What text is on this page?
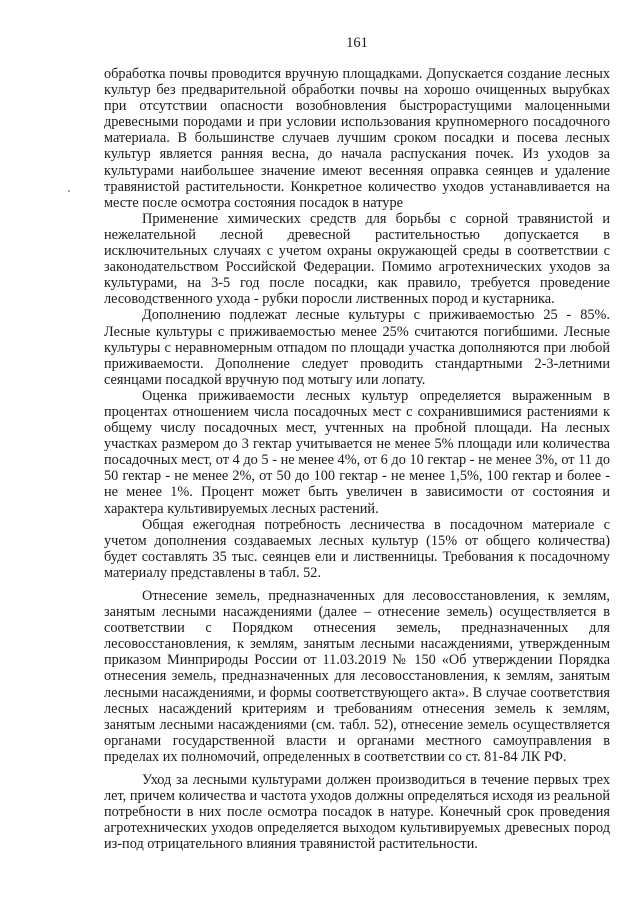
161

обработка почвы проводится вручную площадками. Допускается создание лесных культур без предварительной обработки почвы на хорошо очищенных вырубках при отсутствии опасности возобновления быстрорастущими малоценными древесными породами и при условии использования крупномерного посадочного материала. В большинстве случаев лучшим сроком посадки и посева лесных культур является ранняя весна, до начала распускания почек. Из уходов за культурами наибольшее значение имеют весенняя оправка сеянцев и удаление травянистой растительности. Конкретное количество уходов устанавливается на месте после осмотра состояния посадок в натуре

Применение химических средств для борьбы с сорной травянистой и нежелательной лесной древесной растительностью допускается в исключительных случаях с учетом охраны окружающей среды в соответствии с законодательством Российской Федерации. Помимо агротехнических уходов за культурами, на 3-5 год после посадки, как правило, требуется проведение лесоводственного ухода - рубки поросли лиственных пород и кустарника.

Дополнению подлежат лесные культуры с приживаемостью 25 - 85%. Лесные культуры с приживаемостью менее 25% считаются погибшими. Лесные культуры с неравномерным отпадом по площади участка дополняются при любой приживаемости. Дополнение следует проводить стандартными 2-3-летними сеянцами посадкой вручную под мотыгу или лопату.

Оценка приживаемости лесных культур определяется выраженным в процентах отношением числа посадочных мест с сохранившимися растениями к общему числу посадочных мест, учтенных на пробной площади. На лесных участках размером до 3 гектар учитывается не менее 5% площади или количества посадочных мест, от 4 до 5 - не менее 4%, от 6 до 10 гектар - не менее 3%, от 11 до 50 гектар - не менее 2%, от 50 до 100 гектар - не менее 1,5%, 100 гектар и более - не менее 1%. Процент может быть увеличен в зависимости от состояния и характера культивируемых лесных растений.

Общая ежегодная потребность лесничества в посадочном материале с учетом дополнения создаваемых лесных культур (15% от общего количества) будет составлять 35 тыс. сеянцев ели и лиственницы. Требования к посадочному материалу представлены в табл. 52.

Отнесение земель, предназначенных для лесовосстановления, к землям, занятым лесными насаждениями (далее – отнесение земель) осуществляется в соответствии с Порядком отнесения земель, предназначенных для лесовосстановления, к землям, занятым лесными насаждениями, утвержденным приказом Минприроды России от 11.03.2019 № 150 «Об утверждении Порядка отнесения земель, предназначенных для лесовосстановления, к землям, занятым лесными насаждениями, и формы соответствующего акта». В случае соответствия лесных насаждений критериям и требованиям отнесения земель к землям, занятым лесными насаждениями (см. табл. 52), отнесение земель осуществляется органами государственной власти и органами местного самоуправления в пределах их полномочий, определенных в соответствии со ст. 81-84 ЛК РФ.

Уход за лесными культурами должен производиться в течение первых трех лет, причем количества и частота уходов должны определяться исходя из реальной потребности в них после осмотра посадок в натуре. Конечный срок проведения агротехнических уходов определяется выходом культивируемых древесных пород из-под отрицательного влияния травянистой растительности.
